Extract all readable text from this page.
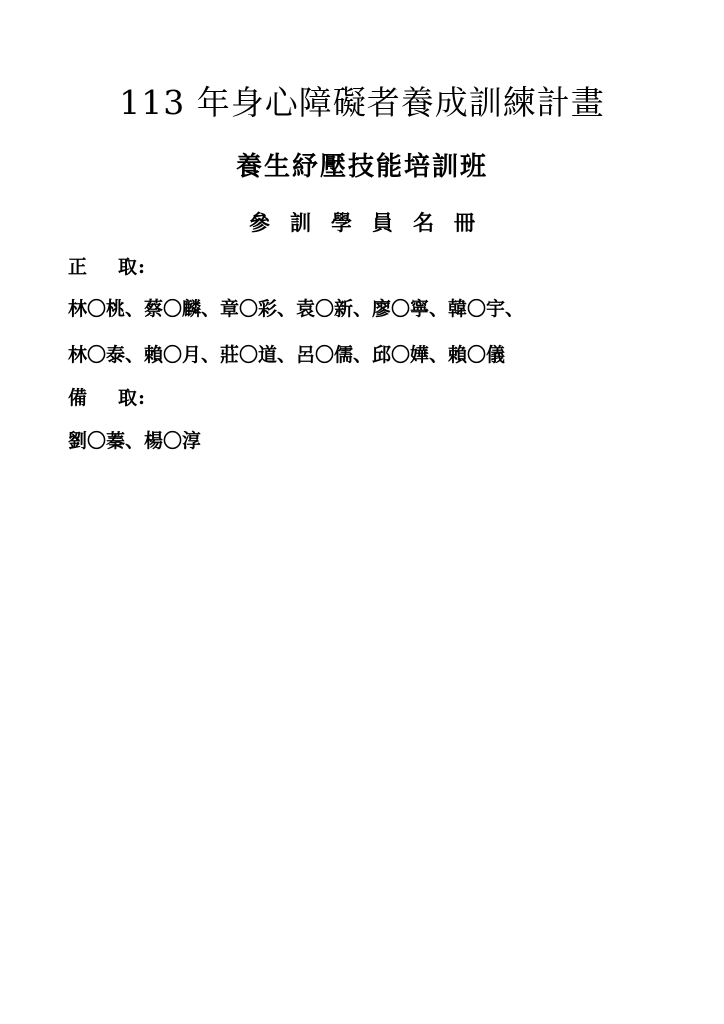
113 年身心障礙者養成訓練計畫
養生紓壓技能培訓班
參訓學員名冊
正 取:
林〇桃、蔡〇麟、章〇彩、袁〇新、廖〇寧、韓〇宇、
林〇泰、賴〇月、莊〇道、呂〇儒、邱〇嬅、賴〇儀
備 取:
劉〇蓁、楊〇淳
